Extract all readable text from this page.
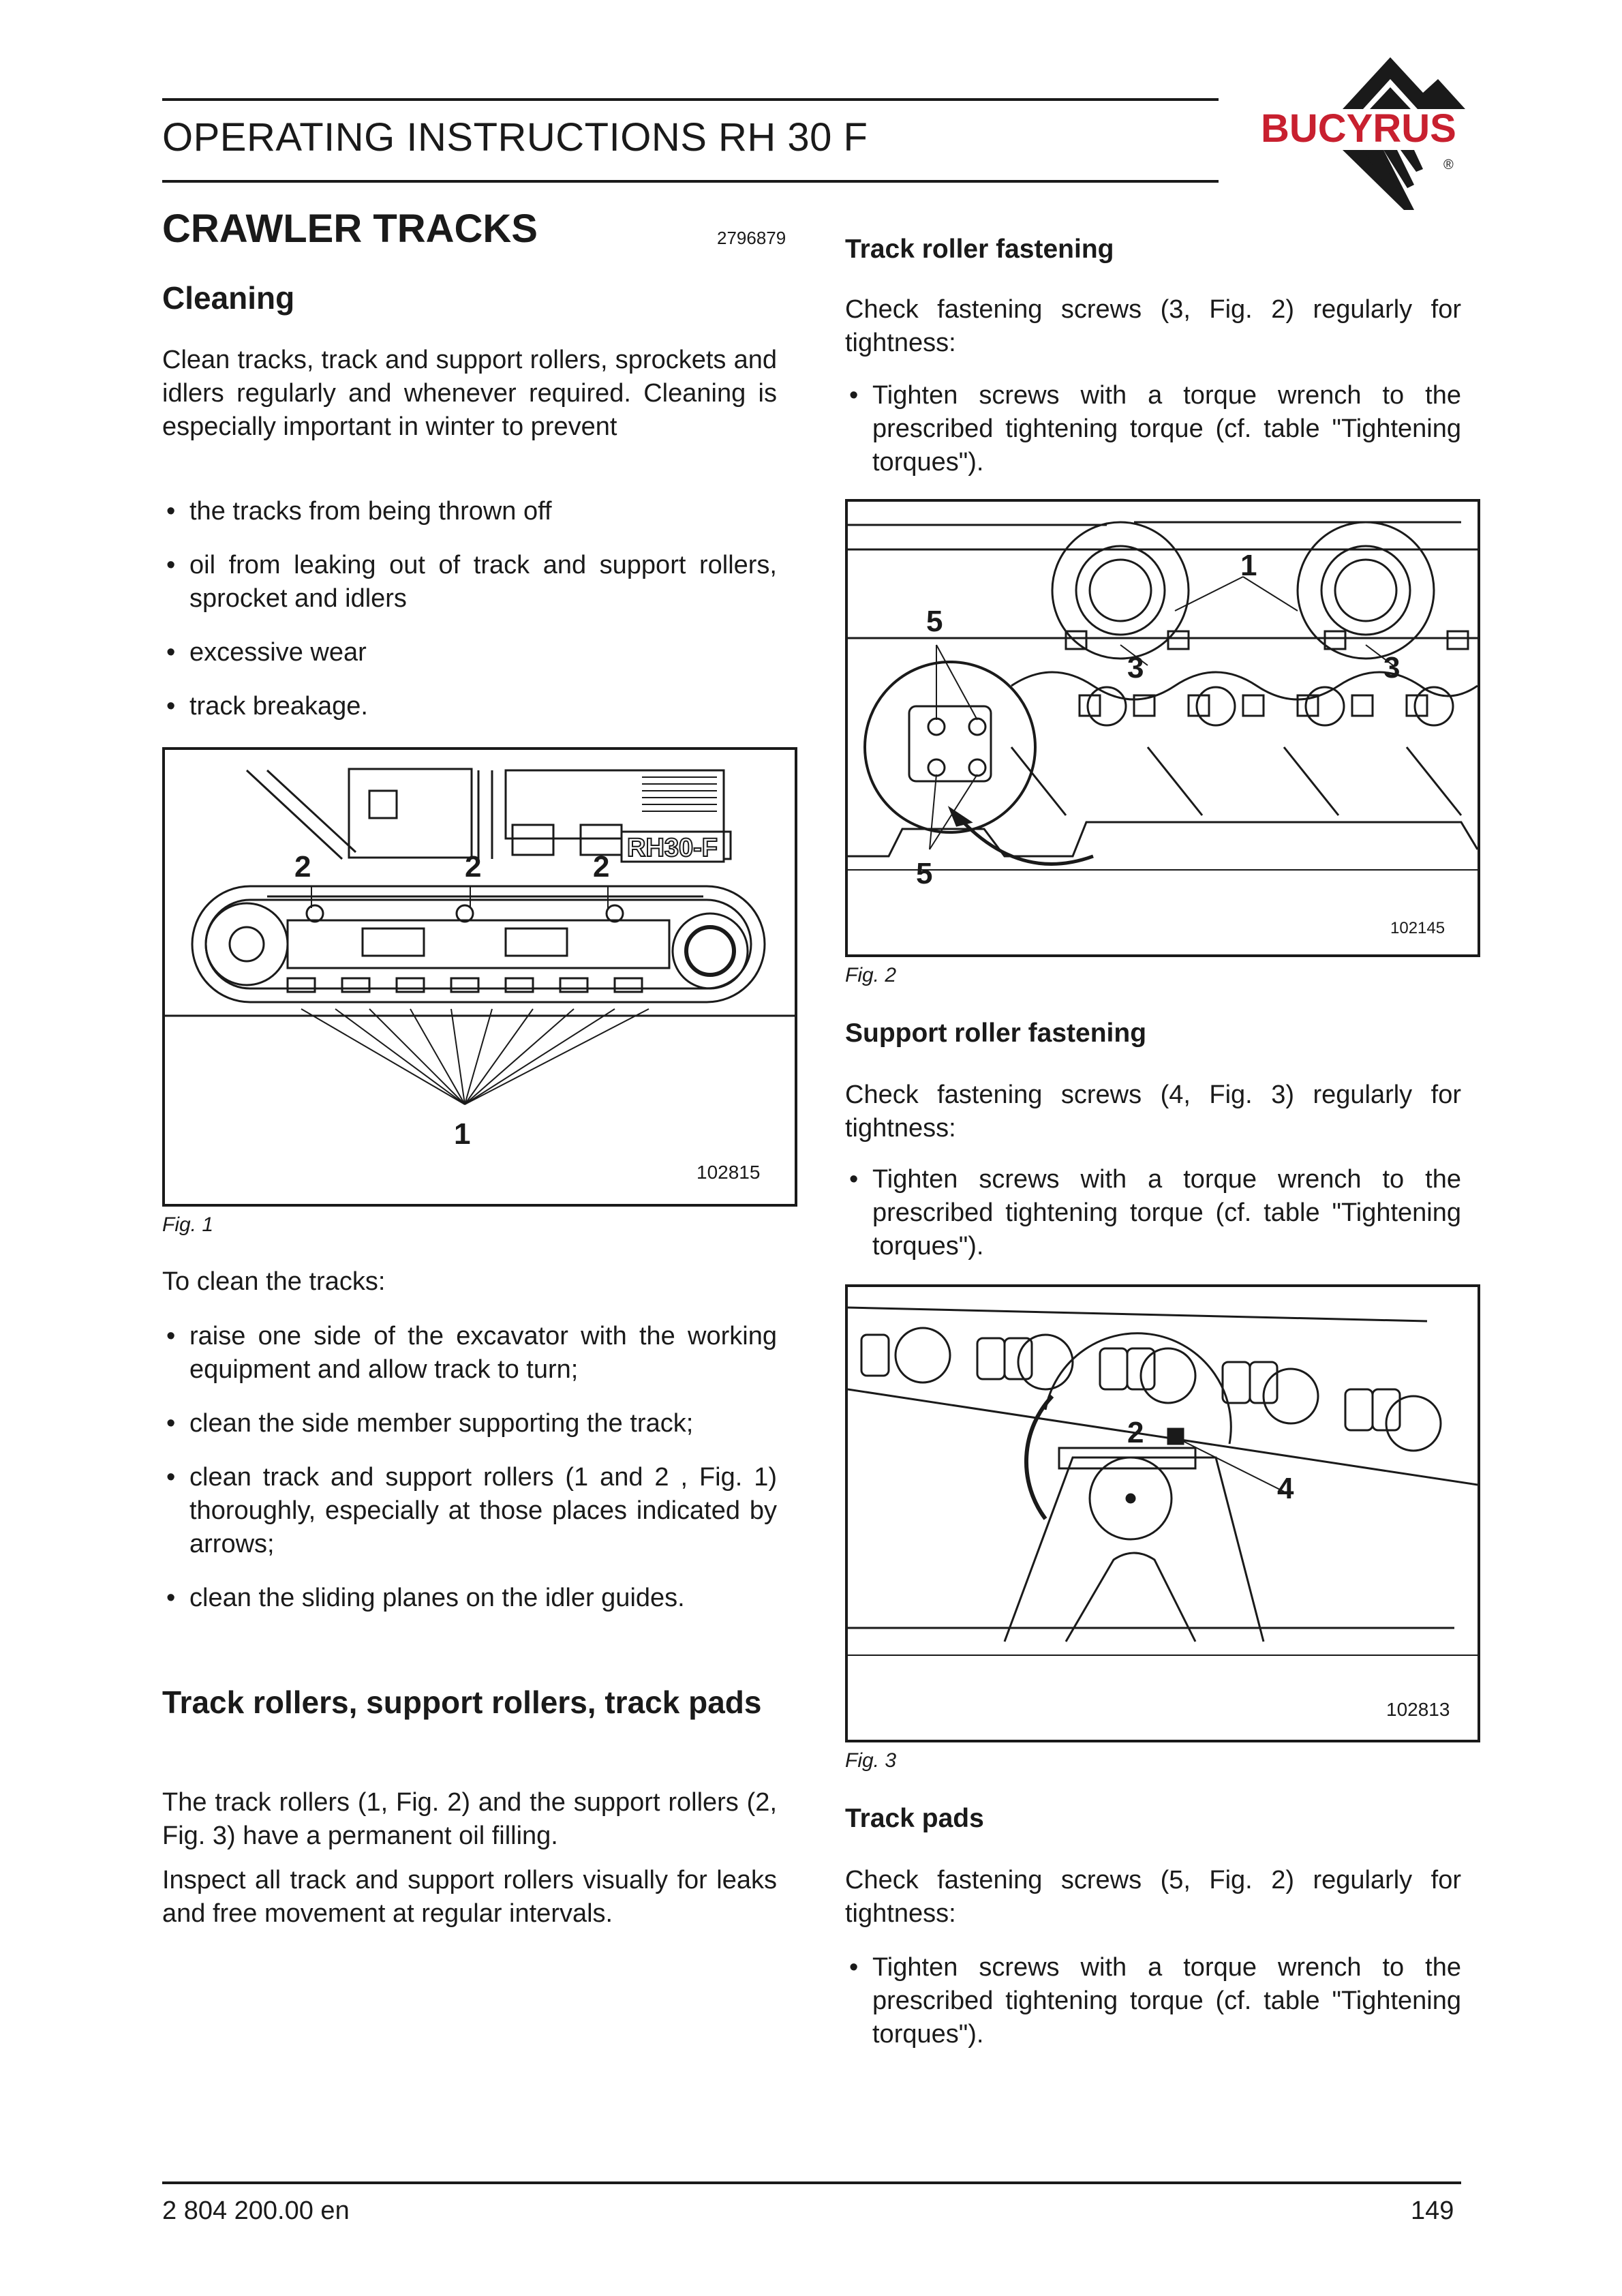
OPERATING INSTRUCTIONS RH 30 F	BUCYRUS
®
CRAWLER TRACKS	2796879
Cleaning
Clean tracks, track and support rollers, sprockets and idlers regularly and whenever required. Cleaning is especially important in winter to prevent
• the tracks from being thrown off
• oil from leaking out of track and support rollers, sprocket and idlers
• excessive wear
• track breakage.
RH30-F
2	2	2
1
102815
Fig. 1
To clean the tracks:
• raise one side of the excavator with the working equipment and allow track to turn;
• clean the side member supporting the track;
• clean track and support rollers (1 and 2 , Fig. 1) thoroughly, especially at those places indicated by arrows;
• clean the sliding planes on the idler guides.
Track rollers, support rollers, track pads
The track rollers (1, Fig. 2) and the support rollers (2, Fig. 3) have a permanent oil filling.
Inspect all track and support rollers visually for leaks and free movement at regular intervals.
Track roller fastening
Check fastening screws (3, Fig. 2) regularly for tightness:
• Tighten screws with a torque wrench to the prescribed tightening torque (cf. table "Tightening torques").
1
5
5
3	3
102145
Fig. 2
Support roller fastening
Check fastening screws (4, Fig. 3) regularly for tightness:
• Tighten screws with a torque wrench to the prescribed tightening torque (cf. table "Tightening torques").
2
4
102813
Fig. 3
Track pads
Check fastening screws (5, Fig. 2) regularly for tightness:
• Tighten screws with a torque wrench to the prescribed tightening torque (cf. table "Tightening torques").
2 804 200.00 en	149
